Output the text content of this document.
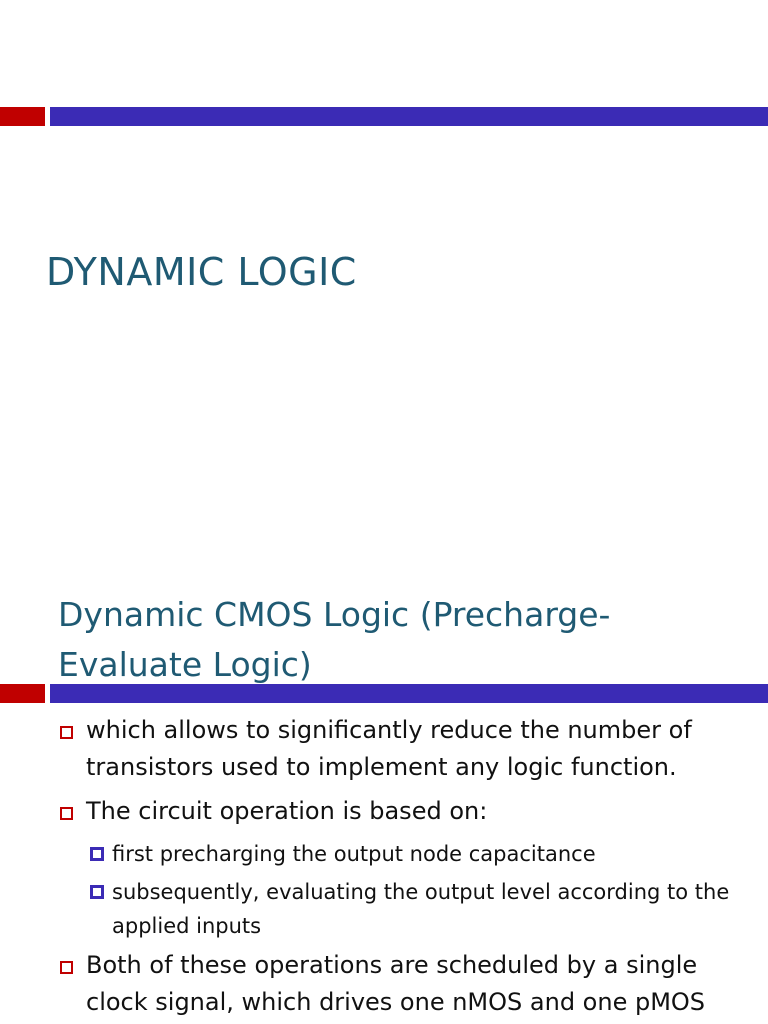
DYNAMIC LOGIC
Dynamic CMOS Logic (Precharge-Evaluate Logic)
which allows to significantly reduce the number of transistors used to implement any logic function.
The circuit operation is based on:
first precharging the output node capacitance
subsequently, evaluating the output level according to the applied inputs
Both of these operations are scheduled by a single clock signal, which drives one nMOS and one pMOS
